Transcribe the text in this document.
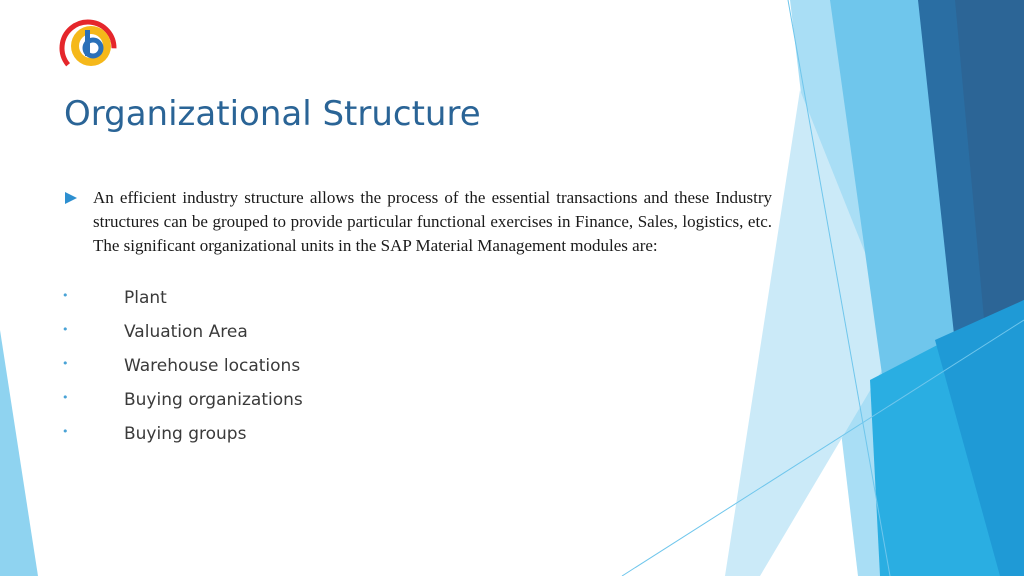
Organizational Structure

An efficient industry structure allows the process of the essential transactions and these Industry structures can be grouped to provide particular functional exercises in Finance, Sales, logistics, etc. The significant organizational units in the SAP Material Management modules are:

•	Plant
•	Valuation Area
•	Warehouse locations
•	Buying organizations
•	Buying groups
